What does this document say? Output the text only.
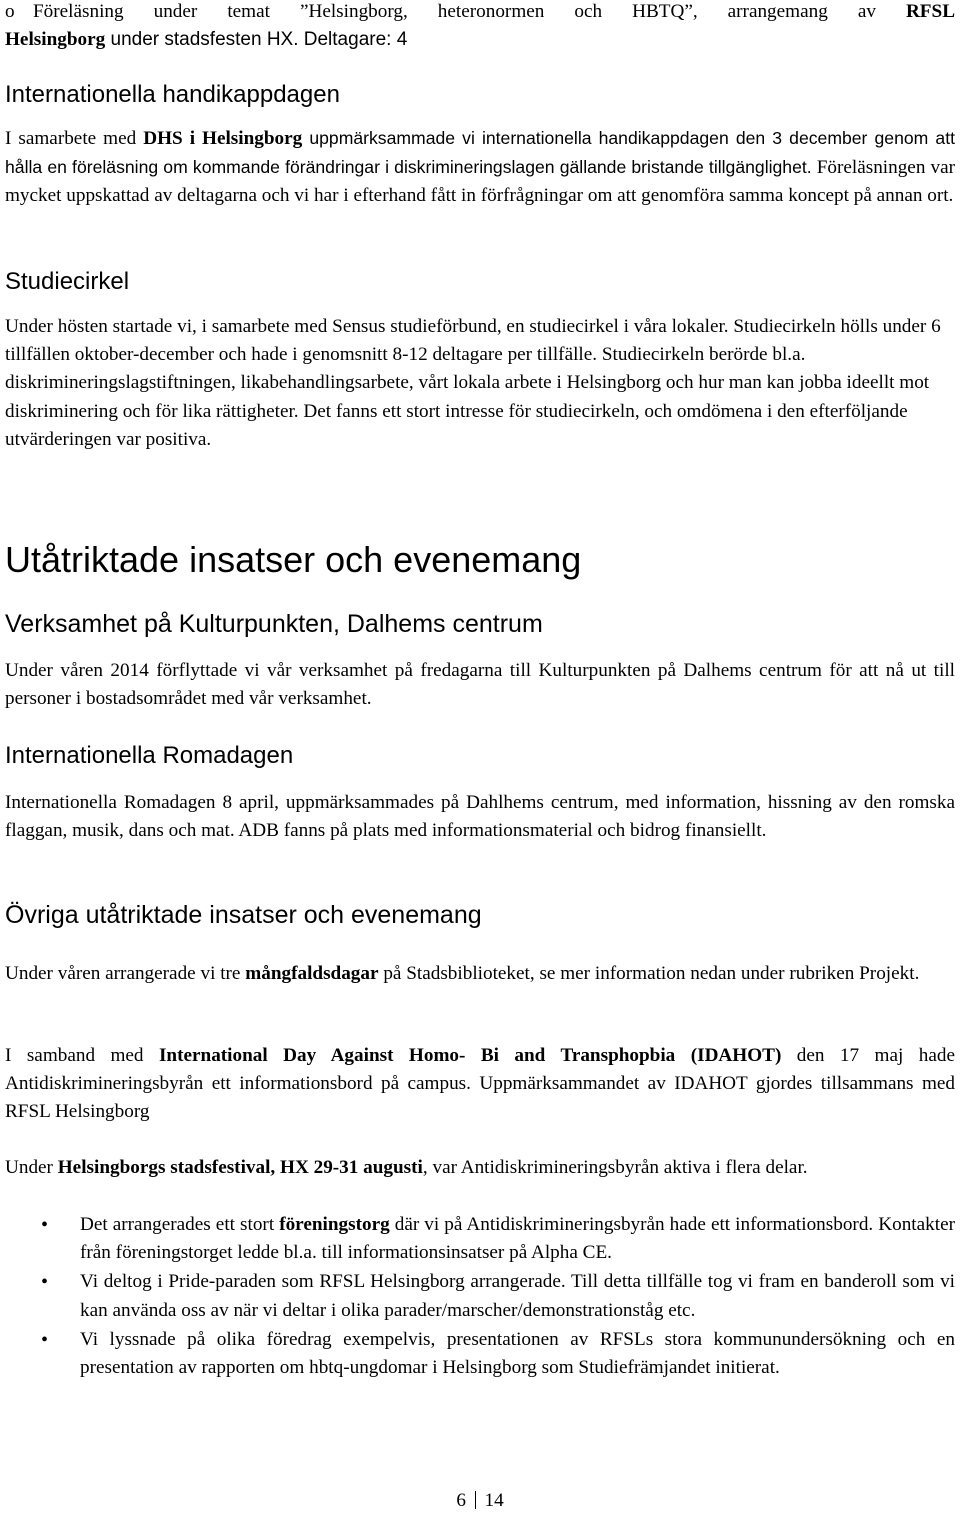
o Föreläsning under temat ”Helsingborg, heteronormen och HBTQ”, arrangemang av RFSL

Helsingborg under stadsfesten HX. Deltagare: 4

Internationella handikappdagen

I samarbete med DHS i Helsingborg uppmärksammade vi internationella handikappdagen den 3 december genom att hålla en föreläsning om kommande förändringar i diskrimineringslagen gällande bristande tillgänglighet. Föreläsningen var mycket uppskattad av deltagarna och vi har i efterhand fått in förfrågningar om att genomföra samma koncept på annan ort.

Studiecirkel

Under hösten startade vi, i samarbete med Sensus studieförbund, en studiecirkel i våra lokaler. Studiecirkeln hölls under 6 tillfällen oktober-december och hade i genomsnitt 8-12 deltagare per tillfälle. Studiecirkeln berörde bl.a. diskrimineringslagstiftningen, likabehandlingsarbete, vårt lokala arbete i Helsingborg och hur man kan jobba ideellt mot diskriminering och för lika rättigheter. Det fanns ett stort intresse för studiecirkeln, och omdömena i den efterföljande utvärderingen var positiva.

Utåtriktade insatser och evenemang
Verksamhet på Kulturpunkten, Dalhems centrum

Under våren 2014 förflyttade vi vår verksamhet på fredagarna till Kulturpunkten på Dalhems centrum för att nå ut till personer i bostadsområdet med vår verksamhet.

Internationella Romadagen

Internationella Romadagen 8 april, uppmärksammades på Dahlhems centrum, med information, hissning av den romska flaggan, musik, dans och mat. ADB fanns på plats med informationsmaterial och bidrog finansiellt.

Övriga utåtriktade insatser och evenemang

Under våren arrangerade vi tre mångfaldsdagar på Stadsbiblioteket, se mer information nedan under rubriken Projekt.

I samband med International Day Against Homo- Bi and Transphopbia (IDAHOT) den 17 maj hade Antidiskrimineringsbyrån ett informationsbord på campus. Uppmärksammandet av IDAHOT gjordes tillsammans med RFSL Helsingborg

Under Helsingborgs stadsfestival, HX 29-31 augusti, var Antidiskrimineringsbyrån aktiva i flera delar.

•
Det arrangerades ett stort föreningstorg där vi på Antidiskrimineringsbyrån hade ett informationsbord. Kontakter från föreningstorget ledde bl.a. till informationsinsatser på Alpha CE.
•
Vi deltog i Pride-paraden som RFSL Helsingborg arrangerade. Till detta tillfälle tog vi fram en banderoll som vi kan använda oss av när vi deltar i olika parader/marscher/demonstrationståg etc.
•
Vi lyssnade på olika föredrag exempelvis, presentationen av RFSLs stora kommunundersökning och en presentation av rapporten om hbtq-ungdomar i Helsingborg som Studiefrämjandet initierat.
6 14
